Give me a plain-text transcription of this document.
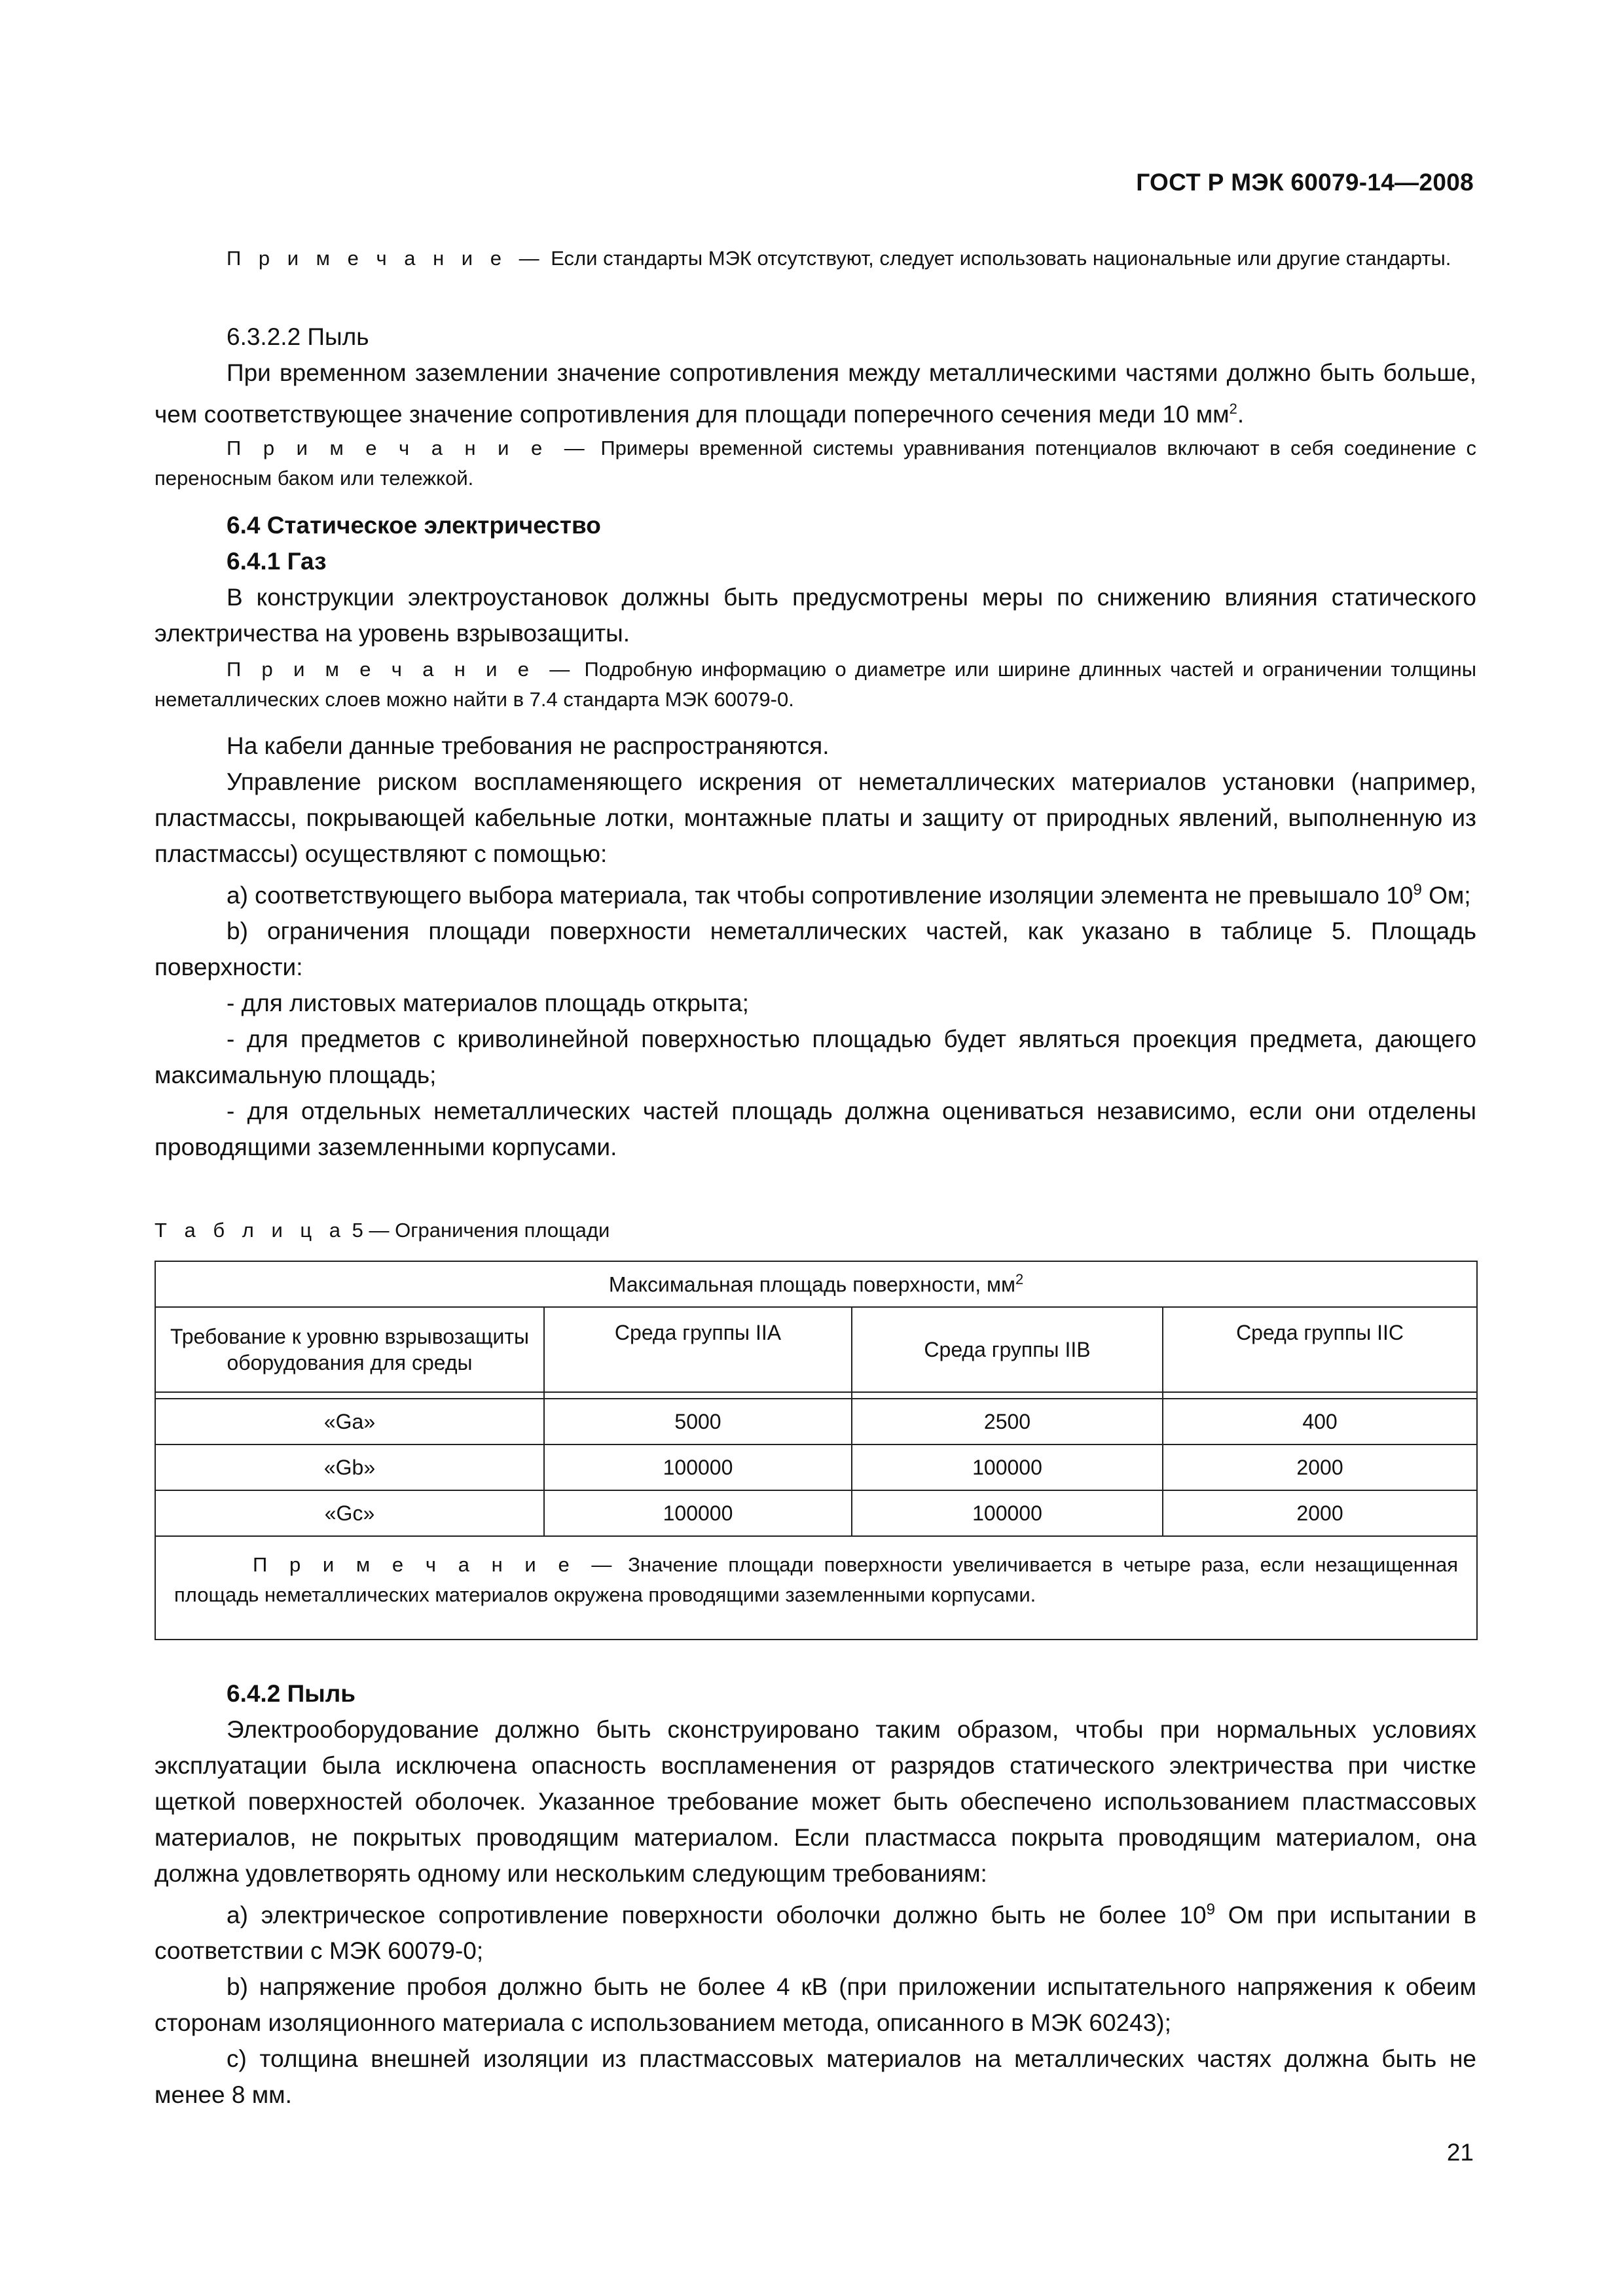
ГОСТ Р МЭК 60079-14—2008

П р и м е ч а н и е — Если стандарты МЭК отсутствуют, следует использовать национальные или другие стандарты.

6.3.2.2 Пыль

При временном заземлении значение сопротивления между металлическими частями должно быть больше, чем соответствующее значение сопротивления для площади поперечного сечения меди 10 $мм^2$.

П р и м е ч а н и е — Примеры временной системы уравнивания потенциалов включают в себя соединение с переносным баком или тележкой.

6.4 Статическое электричество

6.4.1 Газ

В конструкции электроустановок должны быть предусмотрены меры по снижению влияния статического электричества на уровень взрывозащиты.

П р и м е ч а н и е — Подробную информацию о диаметре или ширине длинных частей и ограничении толщины неметаллических слоев можно найти в 7.4 стандарта МЭК 60079-0.

На кабели данные требования не распространяются.

Управление риском воспламеняющего искрения от неметаллических материалов установки (например, пластмассы, покрывающей кабельные лотки, монтажные платы и защиту от природных явлений, выполненную из пластмассы) осуществляют с помощью:

a) соответствующего выбора материала, так чтобы сопротивление изоляции элемента не превышало $10^9$ Ом;

b) ограничения площади поверхности неметаллических частей, как указано в таблице 5. Площадь поверхности:

- для листовых материалов площадь открыта;

- для предметов с криволинейной поверхностью площадью будет являться проекция предмета, дающего максимальную площадь;

- для отдельных неметаллических частей площадь должна оцениваться независимо, если они отделены проводящими заземленными корпусами.

Т а б л и ц а 5 — Ограничения площади

Максимальная площадь поверхности, $мм^2$
Требование к уровню взрывозащиты оборудования для среды	Среда группы IIA	Среда группы IIB	Среда группы IIC

«Ga»	5000	2500	400
«Gb»	100000	100000	2000
«Gc»	100000	100000	2000
П р и м е ч а н и е — Значение площади поверхности увеличивается в четыре раза, если незащищенная площадь неметаллических материалов окружена проводящими заземленными корпусами.			

6.4.2 Пыль

Электрооборудование должно быть сконструировано таким образом, чтобы при нормальных условиях эксплуатации была исключена опасность воспламенения от разрядов статического электричества при чистке щеткой поверхностей оболочек. Указанное требование может быть обеспечено использованием пластмассовых материалов, не покрытых проводящим материалом. Если пластмасса покрыта проводящим материалом, она должна удовлетворять одному или нескольким следующим требованиям:

a) электрическое сопротивление поверхности оболочки должно быть не более $10^9$ Ом при испытании в соответствии с МЭК 60079-0;

b) напряжение пробоя должно быть не более 4 кВ (при приложении испытательного напряжения к обеим сторонам изоляционного материала с использованием метода, описанного в МЭК 60243);

c) толщина внешней изоляции из пластмассовых материалов на металлических частях должна быть не менее 8 мм.

21
